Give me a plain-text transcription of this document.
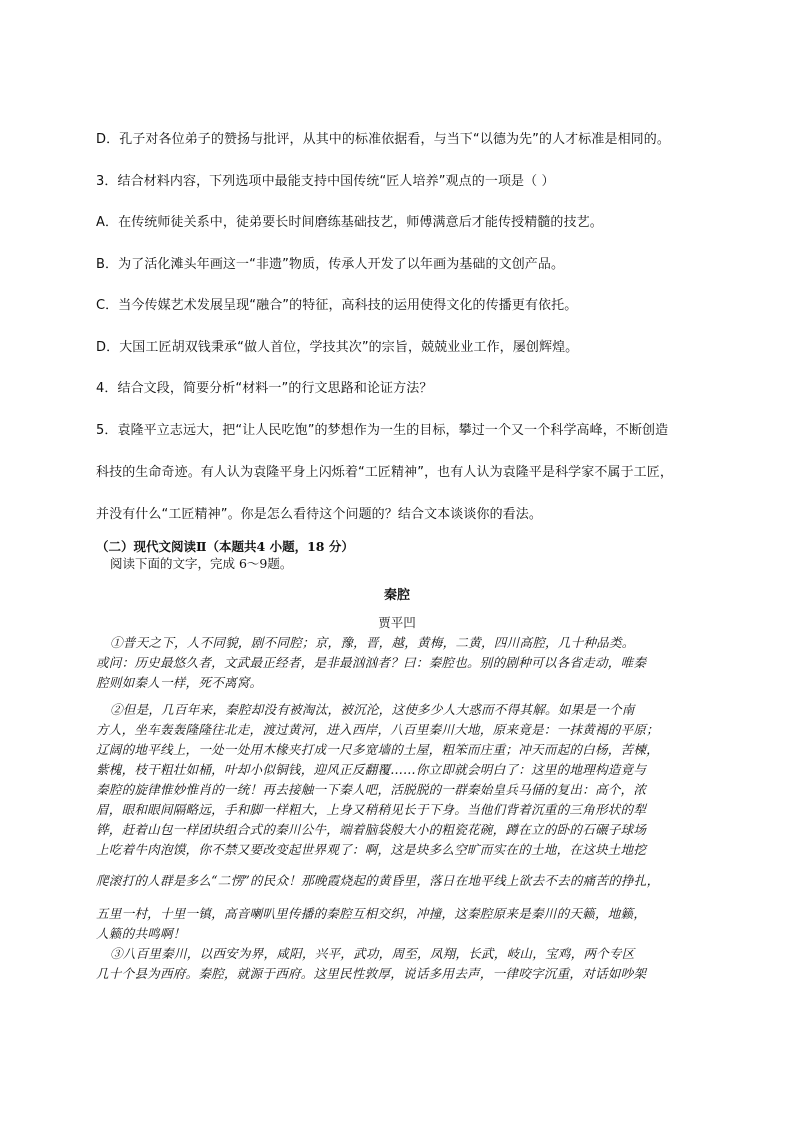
D．孔子对各位弟子的赞扬与批评，从其中的标准依据看，与当下“以德为先”的人才标准是相同的。
3．结合材料内容，下列选项中最能支持中国传统“匠人培养”观点的一项是（ ）
A．在传统师徒关系中，徒弟要长时间磨练基础技艺，师傅满意后才能传授精髓的技艺。
B．为了活化滩头年画这一“非遗”物质，传承人开发了以年画为基础的文创产品。
C．当今传媒艺术发展呈现“融合”的特征，高科技的运用使得文化的传播更有依托。
D．大国工匠胡双钱秉承“做人首位，学技其次”的宗旨，兢兢业业工作，屡创辉煌。
4．结合文段，简要分析“材料一”的行文思路和论证方法？
5．袁隆平立志远大，把“让人民吃饱”的梦想作为一生的目标，攀过一个又一个科学高峰，不断创造
科技的生命奇迹。有人认为袁隆平身上闪烁着“工匠精神”，也有人认为袁隆平是科学家不属于工匠，
并没有什么“工匠精神”。你是怎么看待这个问题的？结合文本谈谈你的看法。
（二）现代文阅读Ⅱ（本题共4 小题，18 分）
阅读下面的文字，完成 6～9题。
秦腔
贾平凹
①普天之下，人不同貌，剧不同腔；京，豫，晋，越，黄梅，二黄，四川高腔，几十种品类。
或问：历史最悠久者，文武最正经者，是非最汹汹者？曰：秦腔也。别的剧种可以各省走动，唯秦
腔则如秦人一样，死不离窝。
②但是，几百年来，秦腔却没有被淘汰，被沉沦，这使多少人大惑而不得其解。如果是一个南
方人，坐车轰轰隆隆往北走，渡过黄河，进入西岸，八百里秦川大地，原来竟是：一抹黄褐的平原；
辽阔的地平线上，一处一处用木椽夹打成一尺多宽墙的土屋，粗笨而庄重；冲天而起的白杨，苦楝，
紫槐，枝干粗壮如桶，叶却小似铜钱，迎风正反翻覆……你立即就会明白了：这里的地理构造竟与
秦腔的旋律惟妙惟肖的一统！再去接触一下秦人吧，活脱脱的一群秦始皇兵马俑的复出：高个，浓
眉，眼和眼间隔略远，手和脚一样粗大，上身又稍稍见长于下身。当他们背着沉重的三角形状的犁
铧，赶着山包一样团块组合式的秦川公牛，端着脑袋般大小的粗瓷花碗，蹲在立的卧的石碾子球场
上吃着牛肉泡馍，你不禁又要改变起世界观了：啊，这是块多么空旷而实在的土地，在这块土地挖
爬滚打的人群是多么“二愣”的民众！那晚霞烧起的黄昏里，落日在地平线上欲去不去的痛苦的挣扎，
五里一村，十里一镇，高音喇叭里传播的秦腔互相交织，冲撞，这秦腔原来是秦川的天籁，地籁，
人籁的共鸣啊！
③八百里秦川，以西安为界，咸阳，兴平，武功，周至，凤翔，长武，岐山，宝鸡，两个专区
几十个县为西府。秦腔，就源于西府。这里民性敦厚，说话多用去声，一律咬字沉重，对话如吵架
